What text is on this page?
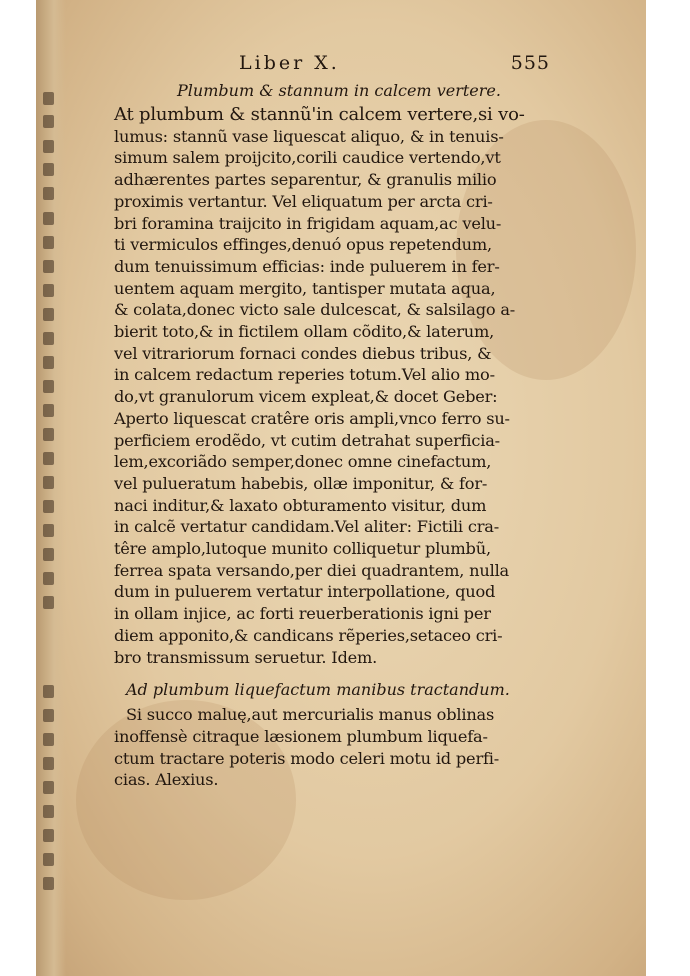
Liber X.	555
Plumbum & stannum in calcem vertere.
At plumbum & stannũ'in calcem vertere,si vo-
lumus: stannũ vase liquescat aliquo, & in tenuis-
simum salem proijcito,corili caudice vertendo,vt
adhærentes partes separentur, & granulis milio
proximis vertantur. Vel eliquatum per arcta cri-
bri foramina traijcito in frigidam aquam,ac velu-
ti vermiculos effinges,denuó opus repetendum,
dum tenuissimum efficias: inde puluerem in fer-
uentem aquam mergito, tantisper mutata aqua,
& colata,donec victo sale dulcescat, & salsilago a-
bierit toto,& in fictilem ollam cõdito,& laterum,
vel vitrariorum fornaci condes diebus tribus, &
in calcem redactum reperies totum.Vel alio mo-
do,vt granulorum vicem expleat,& docet Geber:
Aperto liquescat cratêre oris ampli,vnco ferro su-
perficiem erodẽdo, vt cutim detrahat superficia-
lem,excoriãdo semper,donec omne cinefactum,
vel pulueratum habebis, ollæ imponitur, & for-
naci inditur,& laxato obturamento visitur, dum
in calcẽ vertatur candidam.Vel aliter: Fictili cra-
têre amplo,lutoque munito colliquetur plumbũ,
ferrea spata versando,per diei quadrantem, nulla
dum in puluerem vertatur interpollatione, quod
in ollam injice, ac forti reuerberationis igni per
diem apponito,& candicans rẽperies,setaceo cri-
bro transmissum seruetur. Idem.
Ad plumbum liquefactum manibus tractandum.
Si succo maluę,aut mercurialis manus oblinas
inoffensè citraque læsionem plumbum liquefa-
ctum tractare poteris modo celeri motu id perfi-
cias. Alexius.
